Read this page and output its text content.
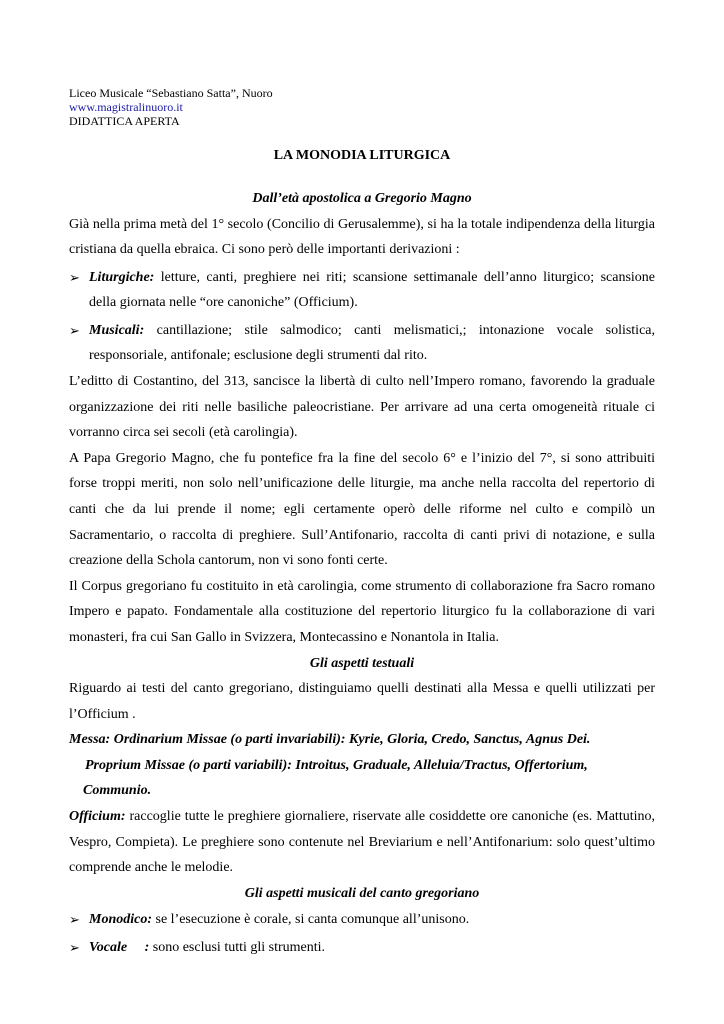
Liceo Musicale “Sebastiano Satta”, Nuoro
www.magistralinuoro.it
DIDATTICA APERTA
LA MONODIA LITURGICA
Dall’età apostolica a Gregorio Magno

Già nella prima metà del 1° secolo (Concilio di Gerusalemme), si ha la totale indipendenza della liturgia cristiana da quella ebraica. Ci sono però delle importanti derivazioni :

➢ Liturgiche: letture, canti, preghiere nei riti; scansione settimanale dell’anno liturgico; scansione della giornata nelle “ore canoniche” (Officium).

➢ Musicali: cantillazione; stile salmodico; canti melismatici,; intonazione vocale solistica, responsoriale, antifonale; esclusione degli strumenti dal rito.

L’editto di Costantino, del 313, sancisce la libertà di culto nell’Impero romano, favorendo la graduale organizzazione dei riti nelle basiliche paleocristiane. Per arrivare ad una certa omogeneità rituale ci vorranno circa sei secoli (età carolingia).

A Papa Gregorio Magno, che fu pontefice fra la fine del secolo 6° e l’inizio del 7°, si sono attribuiti forse troppi meriti, non solo nell’unificazione delle liturgie, ma anche nella raccolta del repertorio di canti che da lui prende il nome; egli certamente operò delle riforme nel culto e compilò un Sacramentario, o raccolta di preghiere. Sull’Antifonario, raccolta di canti privi di notazione, e sulla creazione della Schola cantorum, non vi sono fonti certe.

Il Corpus gregoriano fu costituito in età carolingia, come strumento di collaborazione fra Sacro romano Impero e papato. Fondamentale alla costituzione del repertorio liturgico fu la collaborazione di vari monasteri, fra cui San Gallo in Svizzera, Montecassino e Nonantola in Italia.

Gli aspetti testuali

Riguardo ai testi del canto gregoriano, distinguiamo quelli destinati alla Messa e quelli utilizzati per l’Officium .

Messa: Ordinarium Missae (o parti invariabili): Kyrie, Gloria, Credo, Sanctus, Agnus Dei.

Proprium Missae (o parti variabili): Introitus, Graduale, Alleluia/Tractus, Offertorium,

Communio.

Officium: raccoglie tutte le preghiere giornaliere, riservate alle cosiddette ore canoniche (es. Mattutino, Vespro, Compieta). Le preghiere sono contenute nel Breviarium e nell’Antifonarium: solo quest’ultimo comprende anche le melodie.

Gli aspetti musicali del canto gregoriano
➢ Monodico: se l’esecuzione è corale, si canta comunque all’unisono.
➢ Vocale     : sono esclusi tutti gli strumenti.
